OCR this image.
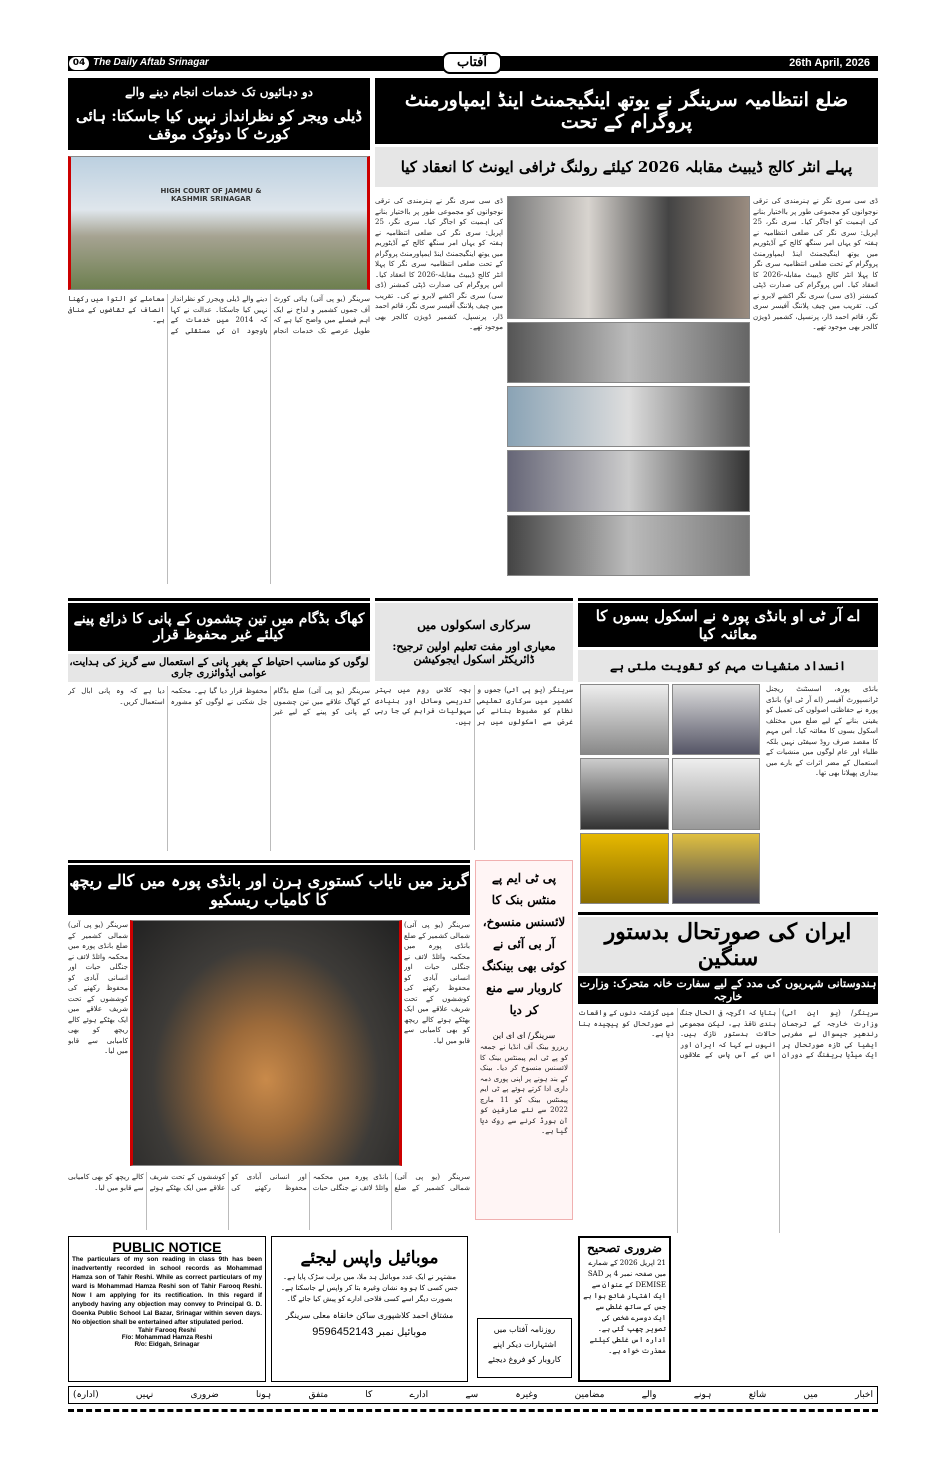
04 The Daily Aftab Srinagar	26th April, 2026
آفتاب
دو دہائیوں تک خدمات انجام دینے والے
ڈیلی ویجر کو نظرانداز نہیں کیا جاسکتا: ہائی کورٹ کا دوٹوک موقف
HIGH COURT OF JAMMU & KASHMIR SRINAGAR
سرینگر (یو پی آئی) ہائی کورٹ آف جموں کشمیر و لداخ نے ایک اہم فیصلے میں واضح کیا ہے کہ طویل عرصے تک خدمات انجام دینے والے ڈیلی ویجرز کو نظرانداز نہیں کیا جاسکتا۔ عدالت نے کہا کہ 2014 میں خدمات کے باوجود ان کی مستقلی کے معاملے کو التوا میں رکھنا انصاف کے تقاضوں کے منافی ہے۔
ضلع انتظامیہ سرینگر نے یوتھ اینگیجمنٹ اینڈ ایمپاورمنٹ پروگرام کے تحت
پہلے انٹر کالج ڈیبیٹ مقابلہ 2026 کیلئے رولنگ ٹرافی ایونٹ کا انعقاد کیا
ڈی سی سری نگر نے ہنرمندی کی ترقی نوجوانوں کو مجموعی طور پر بااختیار بنانے کی اہمیت کو اجاگر کیا۔ سری نگر، 25 اپریل: سری نگر کی ضلعی انتظامیہ نے ہفتہ کو یہاں امر سنگھ کالج کے آڈیٹوریم میں یوتھ اینگیجمنٹ اینڈ ایمپاورمنٹ پروگرام کے تحت ضلعی انتظامیہ سری نگر کا پہلا انٹر کالج ڈیبیٹ مقابلہ-2026 کا انعقاد کیا۔ اس پروگرام کی صدارت ڈپٹی کمشنر (ڈی سی) سری نگر اکشے لابرو نے کی۔ تقریب میں چیف پلاننگ آفیسر سری نگر، قائم احمد ڈار، پرنسپل، کشمیر ڈویژن کالجز بھی موجود تھے۔
ڈی سی سری نگر نے ہنرمندی کی ترقی نوجوانوں کو مجموعی طور پر بااختیار بنانے کی اہمیت کو اجاگر کیا۔ سری نگر، 25 اپریل: سری نگر کی ضلعی انتظامیہ نے ہفتہ کو یہاں امر سنگھ کالج کے آڈیٹوریم میں یوتھ اینگیجمنٹ اینڈ ایمپاورمنٹ پروگرام کے تحت ضلعی انتظامیہ سری نگر کا پہلا انٹر کالج ڈیبیٹ مقابلہ-2026 کا انعقاد کیا۔ اس پروگرام کی صدارت ڈپٹی کمشنر (ڈی سی) سری نگر اکشے لابرو نے کی۔ تقریب میں چیف پلاننگ آفیسر سری نگر، قائم احمد ڈار، پرنسپل، کشمیر ڈویژن کالجز بھی موجود تھے۔
کھاگ بڈگام میں تین چشموں کے پانی کا ذرائع پینے کیلئے غیر محفوظ قرار
لوگوں کو مناسب احتیاط کے بغیر پانی کے استعمال سے گریز کی ہدایت، عوامی ایڈوائزری جاری
سرینگر (یو پی آئی) ضلع بڈگام کے کھاگ علاقے میں تین چشموں کے پانی کو پینے کے لیے غیر محفوظ قرار دیا گیا ہے۔ محکمہ جل شکتی نے لوگوں کو مشورہ دیا ہے کہ وہ پانی ابال کر استعمال کریں۔
سرکاری اسکولوں میں
معیاری اور مفت تعلیم اولین ترجیح: ڈائریکٹر اسکول ایجوکیشن
سرینگر (یو پی آئی) جموں و کشمیر میں سرکاری تعلیمی نظام کو مضبوط بنانے کی غرض سے اسکولوں میں ہر بچہ کلاس روم میں بہتر تدریسی وسائل اور بنیادی سہولیات فراہم کی جا رہی ہیں۔
اے آر ٹی او بانڈی پورہ نے اسکول بسوں کا معائنہ کیا
انسداد منشیات مہم کو تقویت ملتی ہے
بانڈی پورہ، اسسٹنٹ ریجنل ٹرانسپورٹ آفیسر (اے آر ٹی او) بانڈی پورہ نے حفاظتی اصولوں کی تعمیل کو یقینی بنانے کے لیے ضلع میں مختلف اسکول بسوں کا معائنہ کیا۔ اس مہم کا مقصد صرف روڈ سیفٹی نہیں بلکہ طلباء اور عام لوگوں میں منشیات کے استعمال کے مضر اثرات کے بارے میں بیداری پھیلانا بھی تھا۔
گریز میں نایاب کستوری ہرن اور بانڈی پورہ میں کالے ریچھ کا کامیاب ریسکیو
سرینگر (یو پی آئی) شمالی کشمیر کے ضلع بانڈی پورہ میں محکمہ وائلڈ لائف نے جنگلی حیات اور انسانی آبادی کو محفوظ رکھنے کی کوششوں کے تحت شریف علاقے میں ایک بھٹکے ہوئے کالے ریچھ کو بھی کامیابی سے قابو میں لیا۔
سرینگر (یو پی آئی) شمالی کشمیر کے ضلع بانڈی پورہ میں محکمہ وائلڈ لائف نے جنگلی حیات اور انسانی آبادی کو محفوظ رکھنے کی کوششوں کے تحت شریف علاقے میں ایک بھٹکے ہوئے کالے ریچھ کو بھی کامیابی سے قابو میں لیا۔
سرینگر (یو پی آئی) شمالی کشمیر کے ضلع بانڈی پورہ میں محکمہ وائلڈ لائف نے جنگلی حیات اور انسانی آبادی کو محفوظ رکھنے کی کوششوں کے تحت شریف علاقے میں ایک بھٹکے ہوئے کالے ریچھ کو بھی کامیابی سے قابو میں لیا۔
پی ٹی ایم پے منٹس بنک کا لائسنس منسوخ، آر بی آئی نے کوئی بھی بینکنگ کاروبار سے منع کر دیا
سرینگر/ ای ای این
ریزرو بینک آف انڈیا نے جمعہ کو پے ٹی ایم پیمنٹس بینک کا لائسنس منسوخ کر دیا۔ بینک کے بند ہونے پر اپنی پوری ذمہ داری ادا کرتے ہوئے پے ٹی ایم پیمنٹس بینک کو 11 مارچ 2022 سے نئے صارفین کو آن بورڈ کرنے سے روک دیا گیا ہے۔
ایران کی صورتحال بدستور سنگین
ہندوستانی شہریوں کی مدد کے لیے سفارت خانہ متحرک: وزارت خارجہ
سرینگر/ (یو این آئی) وزارت خارجہ کے ترجمان رندھیر جیسوال نے مغربی ایشیا کی تازہ صورتحال پر ایک میڈیا بریفنگ کے دوران بتایا کہ اگرچہ فی الحال جنگ بندی نافذ ہے، لیکن مجموعی حالات بدستور نازک ہیں۔ انہوں نے کہا کہ ایران اور اس کے آس پاس کے علاقوں میں گزشتہ دنوں کے واقعات نے صورتحال کو پیچیدہ بنا دیا ہے۔
PUBLIC NOTICE
The particulars of my son reading in class 9th has been inadvertently recorded in school records as Mohammad Hamza son of Tahir Reshi. While as correct particulars of my ward is Mohammad Hamza Reshi son of Tahir Farooq Reshi. Now I am applying for its rectification. In this regard if anybody having any objection may convey to Principal G. D. Goenka Public School Lal Bazar, Srinagar within seven days. No objection shall be entertained after stipulated period.
Tahir Farooq Reshi
F/o: Mohammad Hamza Reshi
R/o: Eidgah, Srinagar
موبائیل واپس لیجئے
مشتہر نے ایک عدد موبائیل ہد ملا، میں برلب سڑک پایا ہے۔ جس کسی کا ہو وہ نشان وغیرہ بتا کر واپس لے جاسکتا ہے۔ بصورت دیگر اسے کسی فلاحی ادارے کو پیش کیا جائے گا۔
مشتاق احمد کلاشپوری ساکن خانقاہ معلی سرینگر
موبائیل نمبر 9596452143	روزنامہ آفتاب میں اشتہارات دیکر اپنے کاروبار کو فروغ دیجئے
ضروری تصحیح
21 اپریل 2026 کے شمارے میں صفحہ نمبر 4 پر SAD DEMISE کے عنوان سے ایک اشتہار شائع ہوا ہے جس کے ساتھ غلطی سے ایک دوسرے شخص کی تصویر چھپ گئی ہے۔ ادارہ اس غلطی کیلئے معذرت خواہ ہے۔
اخبار میں شائع ہونے والے مضامین وغیرہ سے ادارے کا متفق ہونا ضروری نہیں (ادارہ)
